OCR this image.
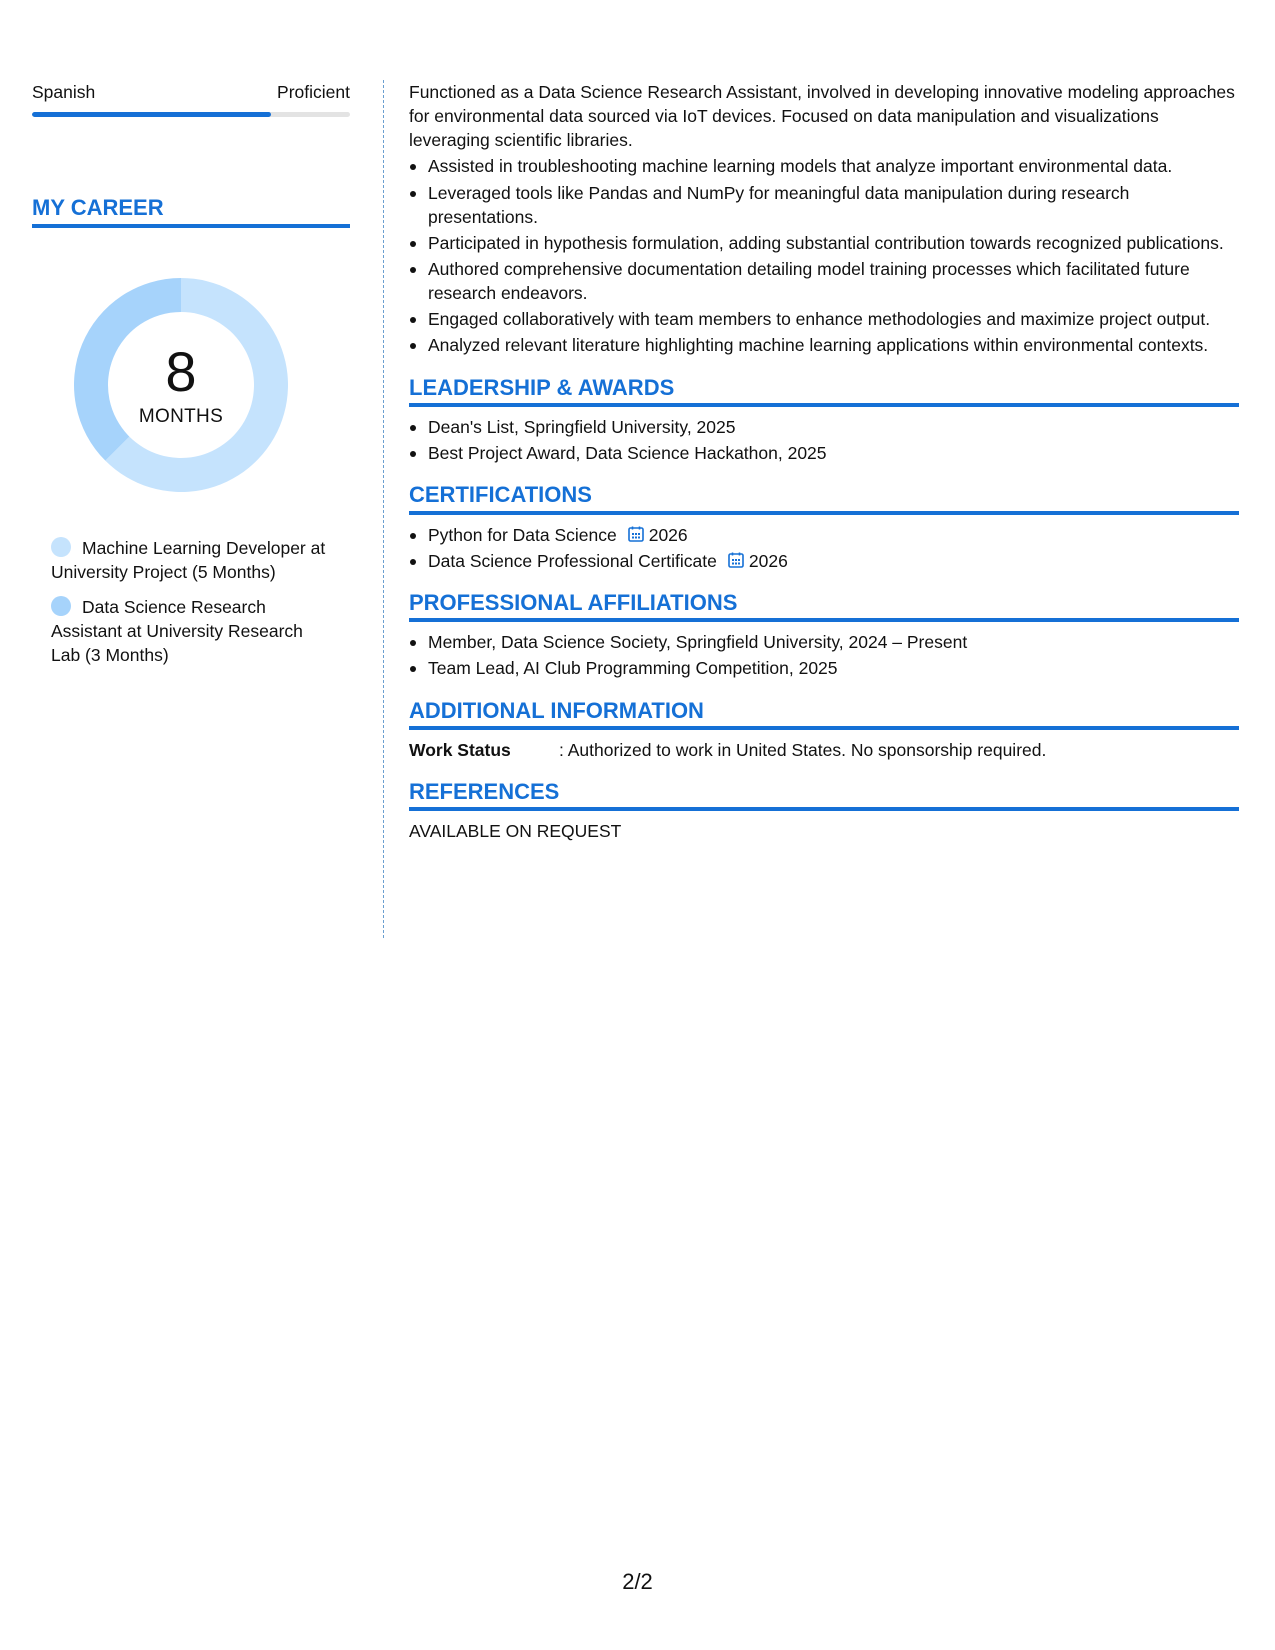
Spanish	Proficient
MY CAREER
8
MONTHS
Machine Learning Developer at University Project (5 Months)
Data Science Research Assistant at University Research Lab (3 Months)

Functioned as a Data Science Research Assistant, involved in developing innovative modeling approaches for environmental data sourced via IoT devices. Focused on data manipulation and visualizations leveraging scientific libraries.

Assisted in troubleshooting machine learning models that analyze important environmental data.
Leveraged tools like Pandas and NumPy for meaningful data manipulation during research presentations.
Participated in hypothesis formulation, adding substantial contribution towards recognized publications.
Authored comprehensive documentation detailing model training processes which facilitated future research endeavors.
Engaged collaboratively with team members to enhance methodologies and maximize project output.
Analyzed relevant literature highlighting machine learning applications within environmental contexts.
LEADERSHIP & AWARDS
Dean's List, Springfield University, 2025
Best Project Award, Data Science Hackathon, 2025
CERTIFICATIONS
Python for Data Science 2026
Data Science Professional Certificate 2026
PROFESSIONAL AFFILIATIONS
Member, Data Science Society, Springfield University, 2024 – Present
Team Lead, AI Club Programming Competition, 2025
ADDITIONAL INFORMATION
Work Status	: Authorized to work in United States. No sponsorship required.
REFERENCES

AVAILABLE ON REQUEST

2/2
